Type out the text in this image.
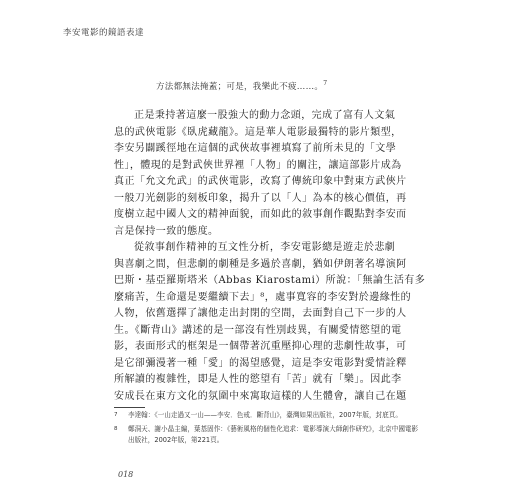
李安電影的鏡語表達
方法都無法掩蓋；可是，我樂此不疲……。$^7$
正是秉持著這麼一股強大的動力念頭，完成了富有人文氣
息的武俠電影《臥虎藏龍》。這是華人電影最獨特的影片類型，
李安另闢蹊徑地在這個的武俠故事裡填寫了前所未見的「文學
性」，體現的是對武俠世界裡「人物」的關注，讓這部影片成為
真正「允文允武」的武俠電影，改寫了傳統印象中對東方武俠片
一般刀光劍影的刻板印象，揭升了以「人」為本的核心價值，再
度樹立起中國人文的精神面貌，而如此的敘事創作觀點對李安而
言是保持一致的態度。
從敘事創作精神的互文性分析，李安電影總是遊走於悲劇
與喜劇之間，但悲劇的劇種是多過於喜劇，猶如伊朗著名導演阿
巴斯・基亞羅斯塔米（Abbas Kiarostami）所說：「無論生活有多
麼痛苦，生命還是要繼續下去」⁸，處事寬容的李安對於邊緣性的
人物，依舊選擇了讓他走出封閉的空間，去面對自己下一步的人
生。《斷背山》講述的是一部沒有性別歧異，有關愛情慾望的電
影，表面形式的框架是一個帶著沉重壓抑心理的悲劇性故事，可
是它卻彌漫著一種「愛」的渴望感覺，這是李安電影對愛情詮釋
所解讀的複雜性，即是人性的慾望有「苦」就有「樂」。因此李
安成長在東方文化的氛圍中來寓取這樣的人生體會，讓自己在題
7	李達翰：《一山走過又一山——李安．色戒．斷背山》，臺灣如果出版社，2007年版，封底頁。
8	鄭洞天、謝小晶主編，葉基固作：《藝術風格的個性化追求：電影導演大師創作研究》，北京中國電影出版社，2002年版，第221頁。
018
